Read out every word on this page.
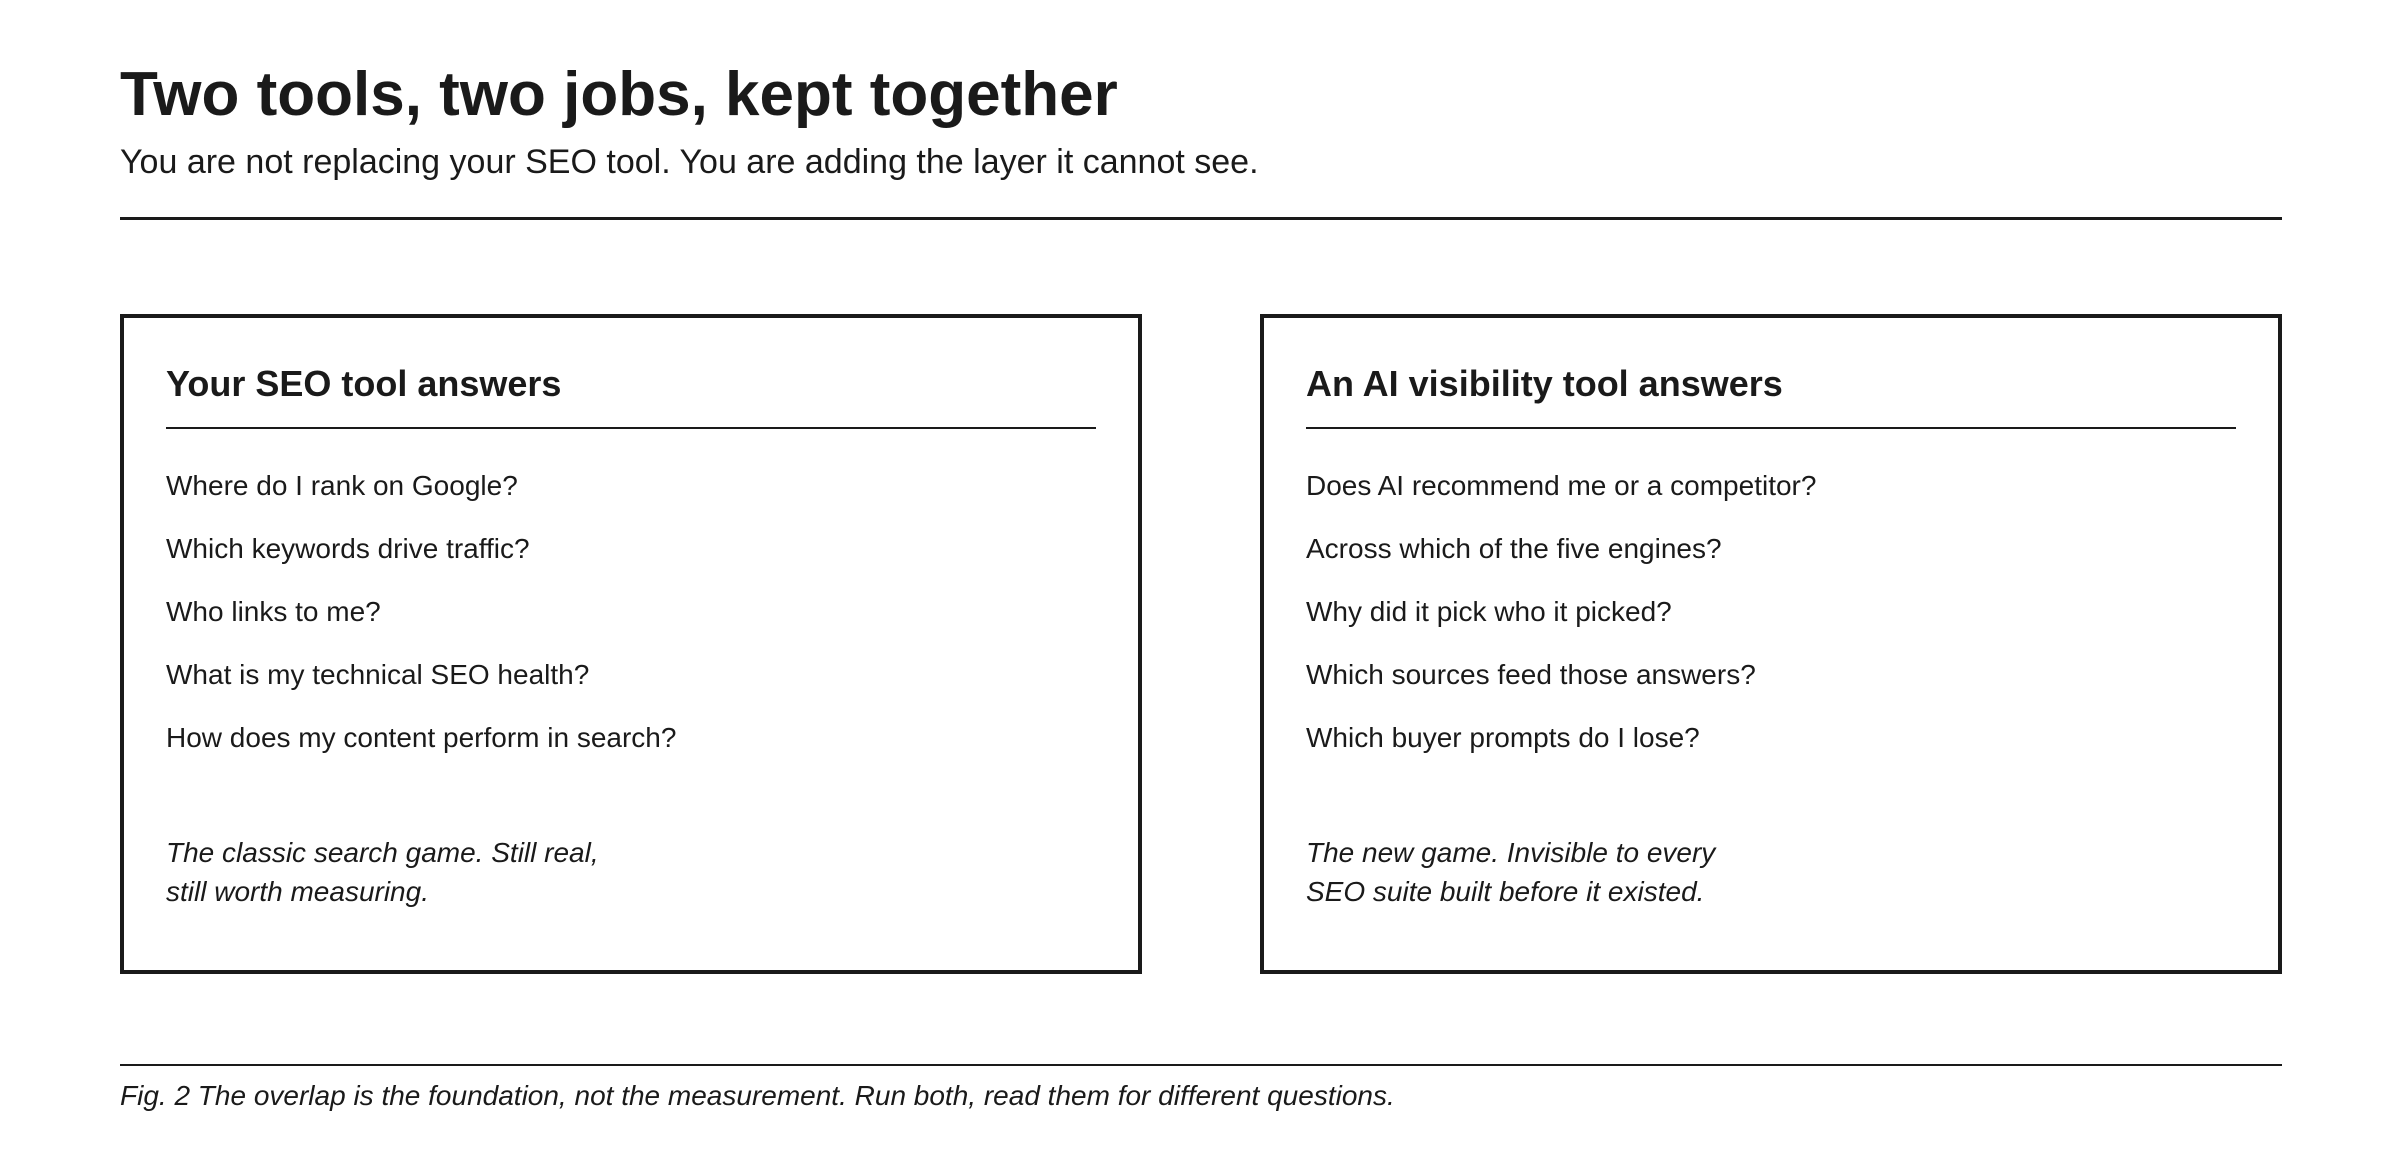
Two tools, two jobs, kept together

You are not replacing your SEO tool. You are adding the layer it cannot see.

Your SEO tool answers
Where do I rank on Google?
Which keywords drive traffic?
Who links to me?
What is my technical SEO health?
How does my content perform in search?

The classic search game. Still real,
still worth measuring.

An AI visibility tool answers
Does AI recommend me or a competitor?
Across which of the five engines?
Why did it pick who it picked?
Which sources feed those answers?
Which buyer prompts do I lose?

The new game. Invisible to every
SEO suite built before it existed.

Fig. 2 The overlap is the foundation, not the measurement. Run both, read them for different questions.
